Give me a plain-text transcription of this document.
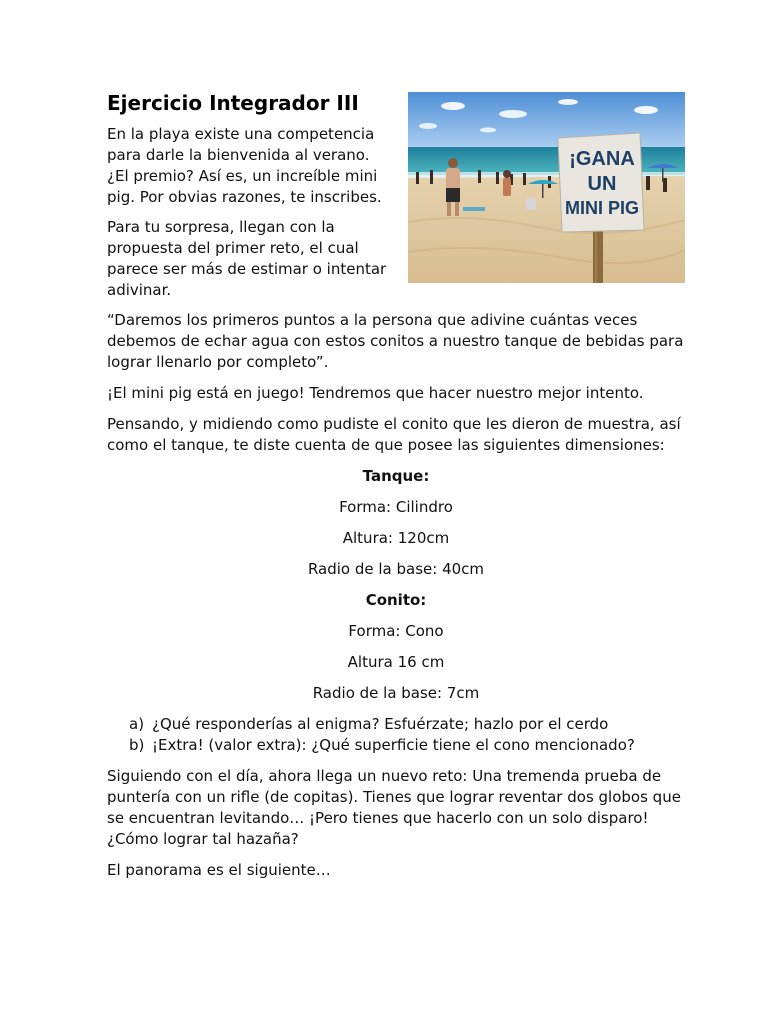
¡GANA
UN
MINI PIG
Ejercicio Integrador III

En la playa existe una competencia para darle la bienvenida al verano. ¿El premio? Así es, un increíble mini pig. Por obvias razones, te inscribes.

Para tu sorpresa, llegan con la propuesta del primer reto, el cual parece ser más de estimar o intentar adivinar.

“Daremos los primeros puntos a la persona que adivine cuántas veces debemos de echar agua con estos conitos a nuestro tanque de bebidas para lograr llenarlo por completo”.

¡El mini pig está en juego! Tendremos que hacer nuestro mejor intento.

Pensando, y midiendo como pudiste el conito que les dieron de muestra, así como el tanque, te diste cuenta de que posee las siguientes dimensiones:

Tanque:

Forma: Cilindro

Altura: 120cm

Radio de la base: 40cm

Conito:

Forma: Cono

Altura 16 cm

Radio de la base: 7cm

a) ¿Qué responderías al enigma? Esfuérzate; hazlo por el cerdo
b) ¡Extra! (valor extra): ¿Qué superficie tiene el cono mencionado?

Siguiendo con el día, ahora llega un nuevo reto: Una tremenda prueba de puntería con un rifle (de copitas). Tienes que lograr reventar dos globos que se encuentran levitando… ¡Pero tienes que hacerlo con un solo disparo! ¿Cómo lograr tal hazaña?

El panorama es el siguiente…
